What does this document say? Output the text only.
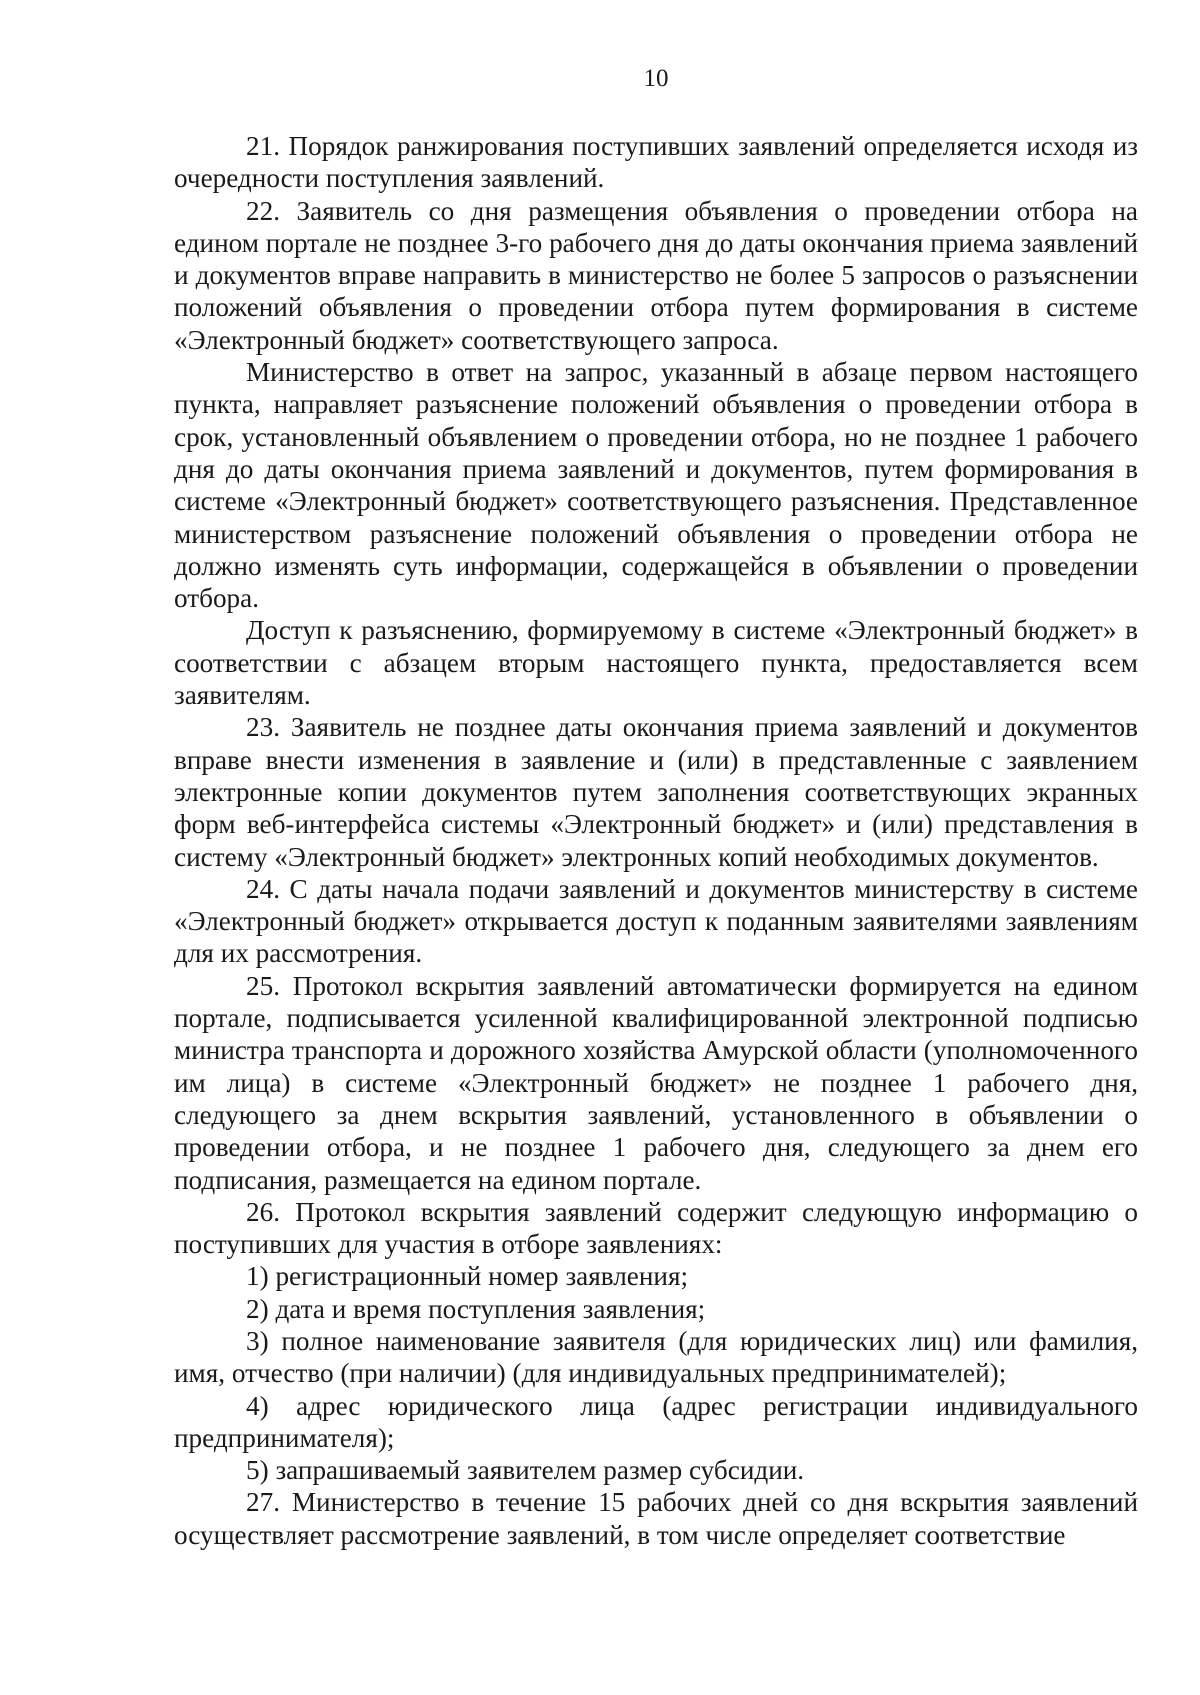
10

21. Порядок ранжирования поступивших заявлений определяется исходя из очередности поступления заявлений.

22. Заявитель со дня размещения объявления о проведении отбора на едином портале не позднее 3-го рабочего дня до даты окончания приема заявлений и документов вправе направить в министерство не более 5 запросов о разъяснении положений объявления о проведении отбора путем формирования в системе «Электронный бюджет» соответствующего запроса.

Министерство в ответ на запрос, указанный в абзаце первом настоящего пункта, направляет разъяснение положений объявления о проведении отбора в срок, установленный объявлением о проведении отбора, но не позднее 1 рабочего дня до даты окончания приема заявлений и документов, путем формирования в системе «Электронный бюджет» соответствующего разъяснения. Представленное министерством разъяснение положений объявления о проведении отбора не должно изменять суть информации, содержащейся в объявлении о проведении отбора.

Доступ к разъяснению, формируемому в системе «Электронный бюджет» в соответствии с абзацем вторым настоящего пункта, предоставляется всем заявителям.

23. Заявитель не позднее даты окончания приема заявлений и документов вправе внести изменения в заявление и (или) в представленные с заявлением электронные копии документов путем заполнения соответствующих экранных форм веб-интерфейса системы «Электронный бюджет» и (или) представления в систему «Электронный бюджет» электронных копий необходимых документов.

24. С даты начала подачи заявлений и документов министерству в системе «Электронный бюджет» открывается доступ к поданным заявителями заявлениям для их рассмотрения.

25. Протокол вскрытия заявлений автоматически формируется на едином портале, подписывается усиленной квалифицированной электронной подписью министра транспорта и дорожного хозяйства Амурской области (уполномоченного им лица) в системе «Электронный бюджет» не позднее 1 рабочего дня, следующего за днем вскрытия заявлений, установленного в объявлении о проведении отбора, и не позднее 1 рабочего дня, следующего за днем его подписания, размещается на едином портале.

26. Протокол вскрытия заявлений содержит следующую информацию о поступивших для участия в отборе заявлениях:

1) регистрационный номер заявления;

2) дата и время поступления заявления;

3) полное наименование заявителя (для юридических лиц) или фамилия, имя, отчество (при наличии) (для индивидуальных предпринимателей);

4) адрес юридического лица (адрес регистрации индивидуального предпринимателя);

5) запрашиваемый заявителем размер субсидии.

27. Министерство в течение 15 рабочих дней со дня вскрытия заявлений осуществляет рассмотрение заявлений, в том числе определяет соответствие
